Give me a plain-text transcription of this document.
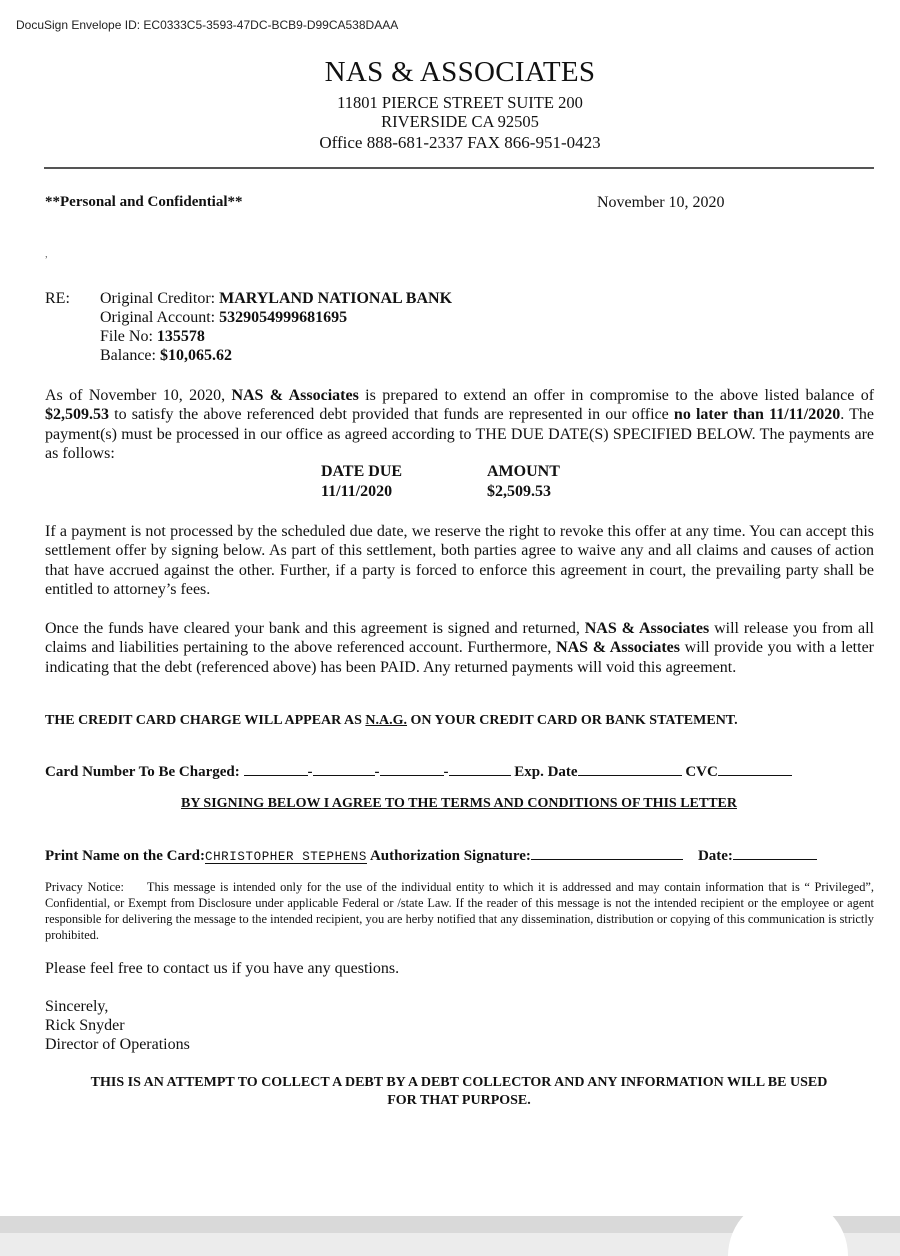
DocuSign Envelope ID: EC0333C5-3593-47DC-BCB9-D99CA538DAAA
NAS & ASSOCIATES
11801 PIERCE STREET SUITE 200
RIVERSIDE CA 92505
Office 888-681-2337 FAX 866-951-0423
**Personal and Confidential**	November 10, 2020
,
RE: Original Creditor: MARYLAND NATIONAL BANK
Original Account: 5329054999681695
File No: 135578
Balance: $10,065.62
As of November 10, 2020, NAS & Associates is prepared to extend an offer in compromise to the above listed balance of $2,509.53 to satisfy the above referenced debt provided that funds are represented in our office no later than 11/11/2020. The payment(s) must be processed in our office as agreed according to THE DUE DATE(S) SPECIFIED BELOW. The payments are as follows:
DATE DUE	AMOUNT
11/11/2020	$2,509.53
If a payment is not processed by the scheduled due date, we reserve the right to revoke this offer at any time. You can accept this settlement offer by signing below. As part of this settlement, both parties agree to waive any and all claims and causes of action that have accrued against the other. Further, if a party is forced to enforce this agreement in court, the prevailing party shall be entitled to attorney’s fees.
Once the funds have cleared your bank and this agreement is signed and returned, NAS & Associates will release you from all claims and liabilities pertaining to the above referenced account. Furthermore, NAS & Associates will provide you with a letter indicating that the debt (referenced above) has been PAID. Any returned payments will void this agreement.
THE CREDIT CARD CHARGE WILL APPEAR AS N.A.G. ON YOUR CREDIT CARD OR BANK STATEMENT.
Card Number To Be Charged:	-	-	-	Exp. Date	CVC
BY SIGNING BELOW I AGREE TO THE TERMS AND CONDITIONS OF THIS LETTER
Print Name on the Card:CHRISTOPHER STEPHENS Authorization Signature:	Date:
Privacy Notice: This message is intended only for the use of the individual entity to which it is addressed and may contain information that is “ Privileged”, Confidential, or Exempt from Disclosure under applicable Federal or /state Law. If the reader of this message is not the intended recipient or the employee or agent responsible for delivering the message to the intended recipient, you are herby notified that any dissemination, distribution or copying of this communication is strictly prohibited.
Please feel free to contact us if you have any questions.
Sincerely,
Rick Snyder
Director of Operations
THIS IS AN ATTEMPT TO COLLECT A DEBT BY A DEBT COLLECTOR AND ANY INFORMATION WILL BE USED
FOR THAT PURPOSE.
